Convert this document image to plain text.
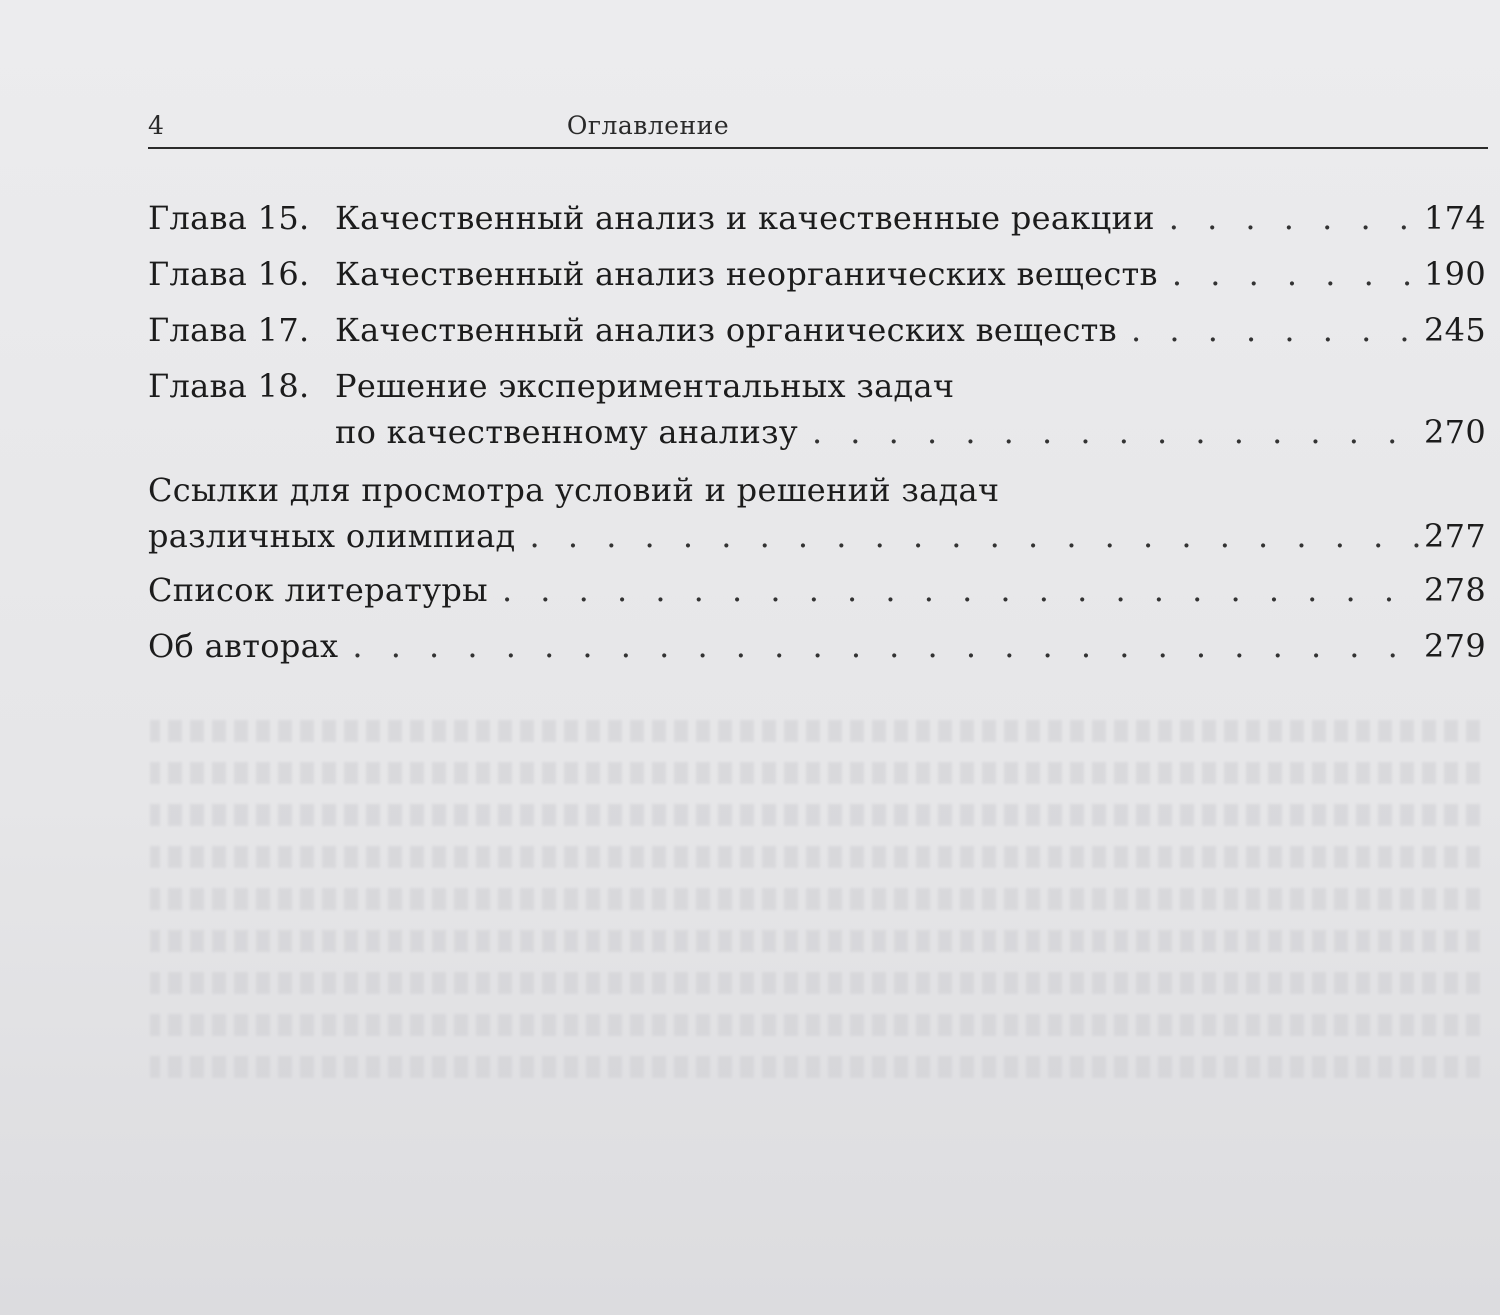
4	Оглавление
Глава 15. Качественный анализ и качественные реакции . . .	174
Глава 16. Качественный анализ неорганических веществ . . .	190
Глава 17. Качественный анализ органических веществ . . .	245
Глава 18. Решение экспериментальных задач
по качественному анализу . . .	270
Ссылки для просмотра условий и решений задач
различных олимпиад . . .	277
Список литературы . . .	278
Об авторах . . .	279
